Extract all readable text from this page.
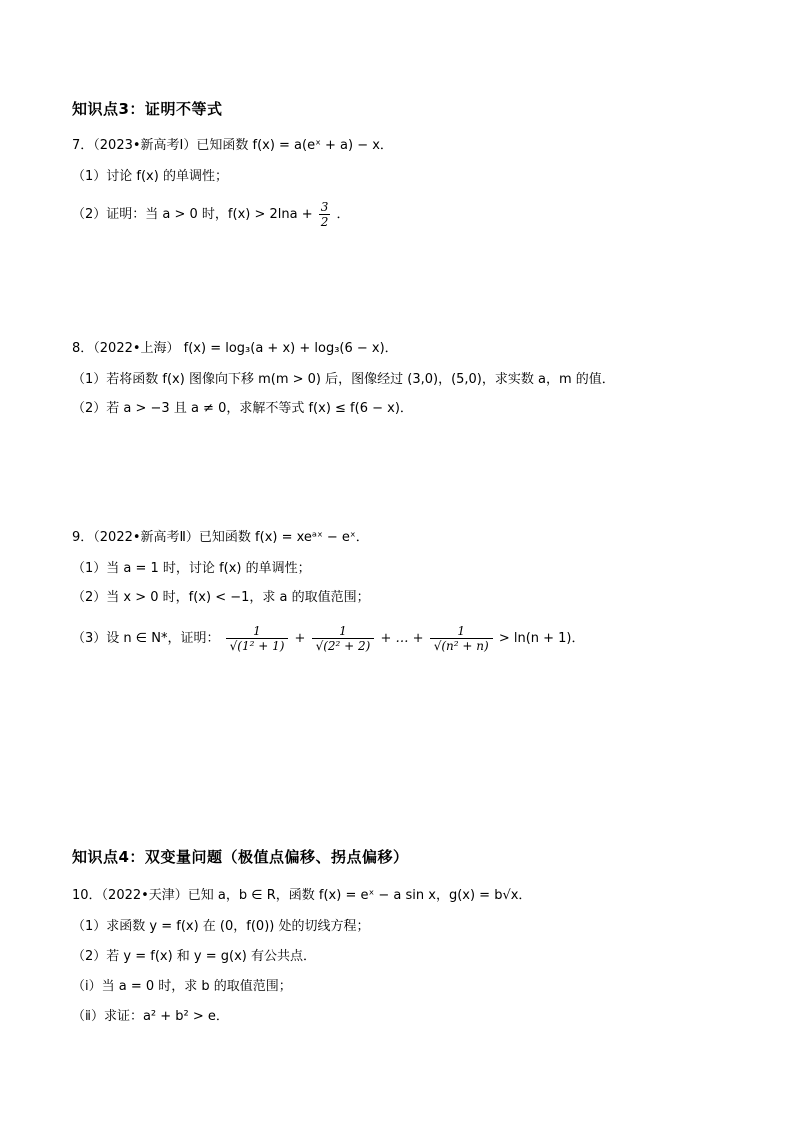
知识点3：证明不等式
7．（2023•新高考Ⅰ）已知函数 f(x) = a(eˣ + a) − x．
（1）讨论 f(x) 的单调性；
（2）证明：当 a > 0 时，$f(x) > 2\ln a + \frac{3}{2}$ ．
8．（2022•上海） f(x) = log₃(a + x) + log₃(6 − x)．
（1）若将函数 f(x) 图像向下移 m(m > 0) 后，图像经过 (3,0)，(5,0)，求实数 a，m 的值．
（2）若 a > −3 且 a ≠ 0，求解不等式 f(x) ≤ f(6 − x)．
9．（2022•新高考Ⅱ）已知函数 f(x) = xeᵃˣ − eˣ．
（1）当 a = 1 时，讨论 f(x) 的单调性；
（2）当 x > 0 时，f(x) < −1，求 a 的取值范围；
（3）设 n ∈ N*，证明： $\frac{1}{\text{√(1² + 1)}} + \frac{1}{\text{√(2² + 2)}}$ + … + $\frac{1}{\text{√(n² + n)}} > \ln(n + 1)$．
知识点4：双变量问题（极值点偏移、拐点偏移）
10．（2022•天津）已知 a，b ∈ R，函数 f(x) = eˣ − a sin x，g(x) = b√x．
（1）求函数 y = f(x) 在 (0，f(0)) 处的切线方程；
（2）若 y = f(x) 和 y = g(x) 有公共点．
（ⅰ）当 a = 0 时，求 b 的取值范围；
（ⅱ）求证：a² + b² > e．
